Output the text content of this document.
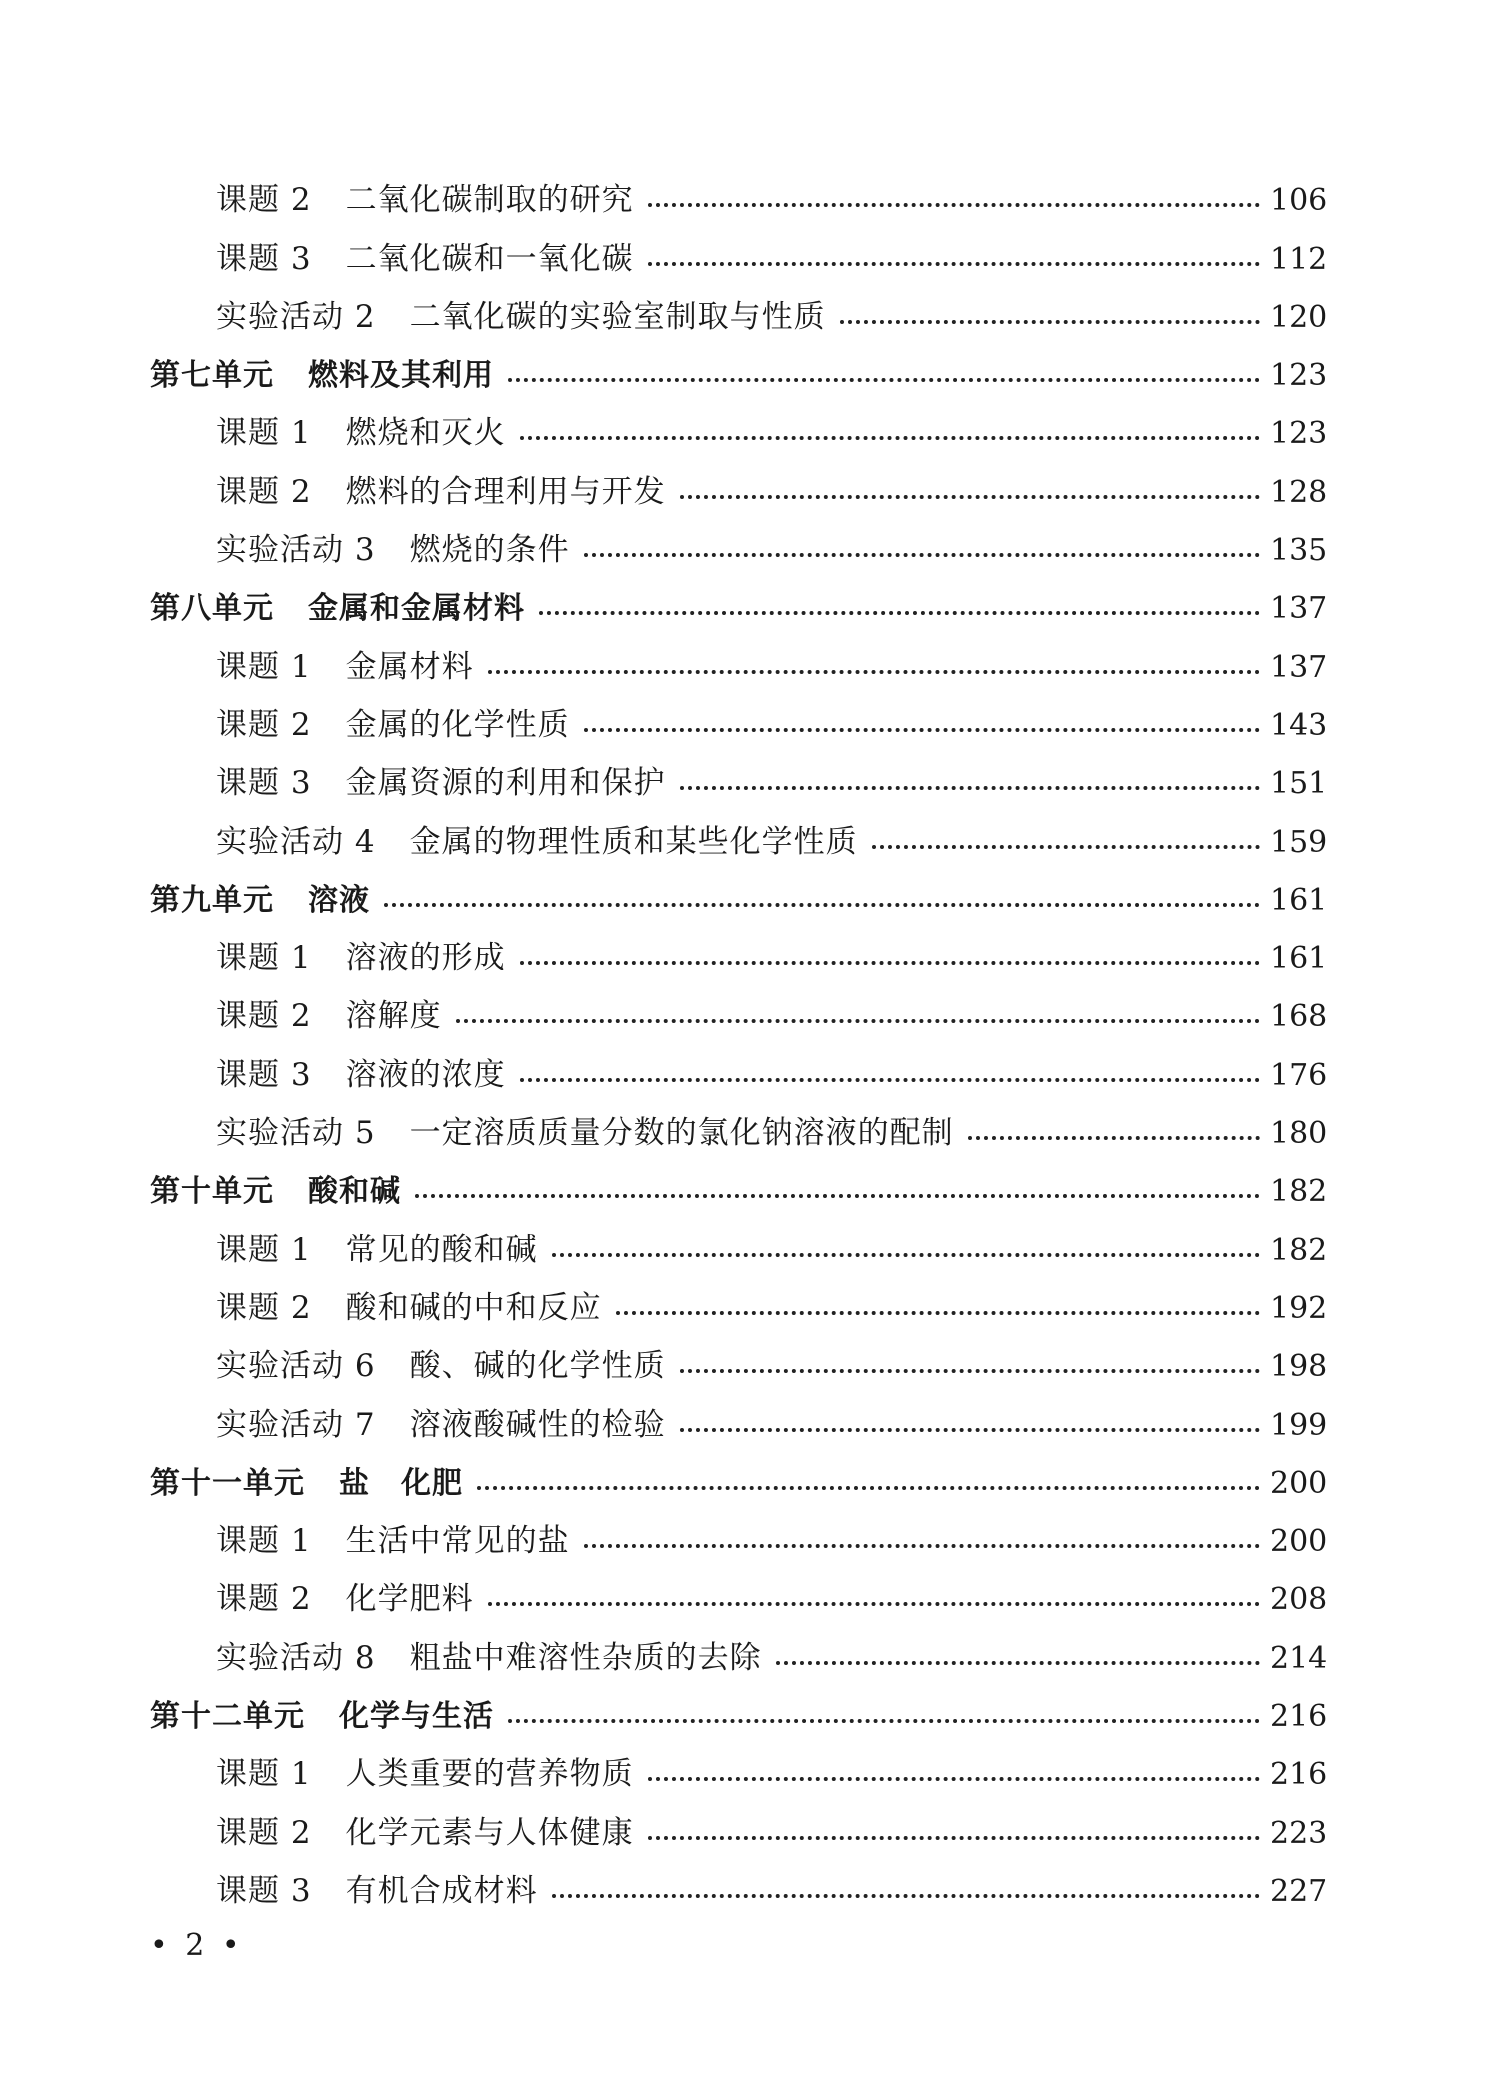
课题 2 二氧化碳制取的研究	106
课题 3 二氧化碳和一氧化碳	112
实验活动 2 二氧化碳的实验室制取与性质	120
第七单元 燃料及其利用	123
课题 1 燃烧和灭火	123
课题 2 燃料的合理利用与开发	128
实验活动 3 燃烧的条件	135
第八单元 金属和金属材料	137
课题 1 金属材料	137
课题 2 金属的化学性质	143
课题 3 金属资源的利用和保护	151
实验活动 4 金属的物理性质和某些化学性质	159
第九单元 溶液	161
课题 1 溶液的形成	161
课题 2 溶解度	168
课题 3 溶液的浓度	176
实验活动 5 一定溶质质量分数的氯化钠溶液的配制	180
第十单元 酸和碱	182
课题 1 常见的酸和碱	182
课题 2 酸和碱的中和反应	192
实验活动 6 酸、碱的化学性质	198
实验活动 7 溶液酸碱性的检验	199
第十一单元 盐　化肥	200
课题 1 生活中常见的盐	200
课题 2 化学肥料	208
实验活动 8 粗盐中难溶性杂质的去除	214
第十二单元 化学与生活	216
课题 1 人类重要的营养物质	216
课题 2 化学元素与人体健康	223
课题 3 有机合成材料	227
• 2 •
